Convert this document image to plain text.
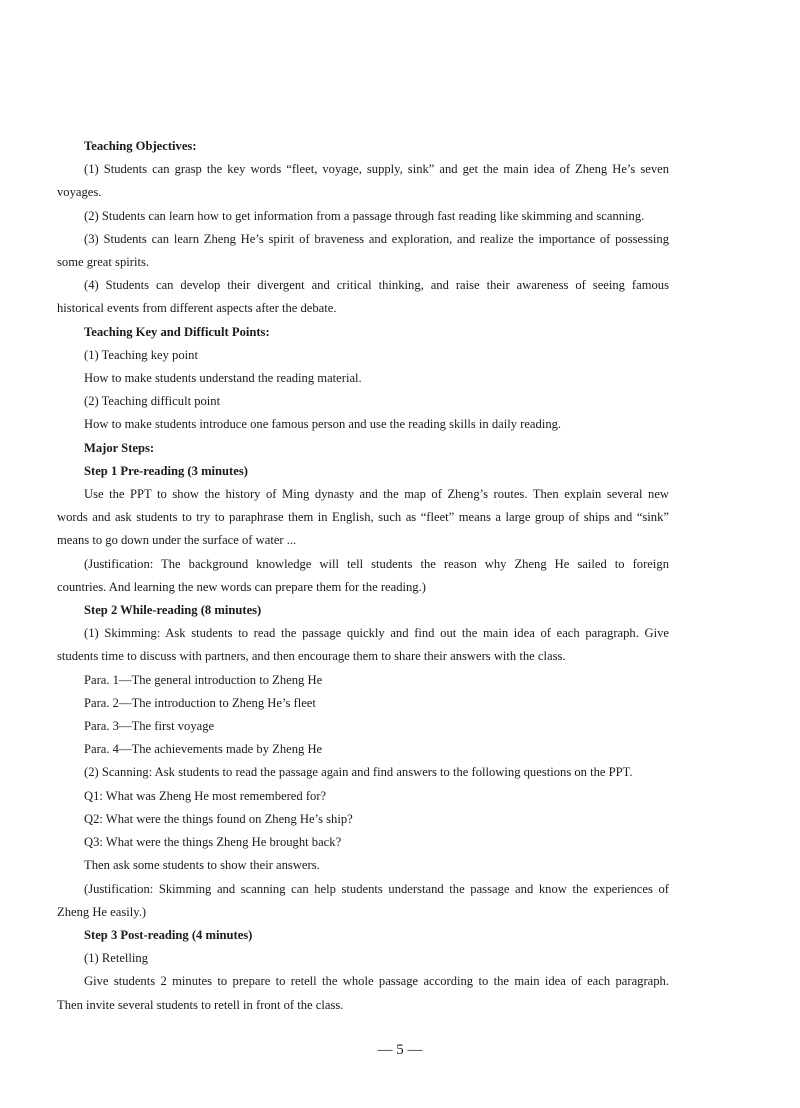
Teaching Objectives:

(1) Students can grasp the key words “fleet, voyage, supply, sink” and get the main idea of Zheng He’s seven

voyages.

(2) Students can learn how to get information from a passage through fast reading like skimming and scanning.

(3) Students can learn Zheng He’s spirit of braveness and exploration, and realize the importance of possessing

some great spirits.

(4) Students can develop their divergent and critical thinking, and raise their awareness of seeing famous

historical events from different aspects after the debate.

Teaching Key and Difficult Points:

(1) Teaching key point

How to make students understand the reading material.

(2) Teaching difficult point

How to make students introduce one famous person and use the reading skills in daily reading.

Major Steps:

Step 1 Pre-reading (3 minutes)

Use the PPT to show the history of Ming dynasty and the map of Zheng’s routes. Then explain several new

words and ask students to try to paraphrase them in English, such as “fleet” means a large group of ships and “sink”

means to go down under the surface of water ...

(Justification: The background knowledge will tell students the reason why Zheng He sailed to foreign

countries. And learning the new words can prepare them for the reading.)

Step 2 While-reading (8 minutes)

(1) Skimming: Ask students to read the passage quickly and find out the main idea of each paragraph. Give

students time to discuss with partners, and then encourage them to share their answers with the class.

Para. 1—The general introduction to Zheng He

Para. 2—The introduction to Zheng He’s fleet

Para. 3—The first voyage

Para. 4—The achievements made by Zheng He

(2) Scanning: Ask students to read the passage again and find answers to the following questions on the PPT.

Q1: What was Zheng He most remembered for?

Q2: What were the things found on Zheng He’s ship?

Q3: What were the things Zheng He brought back?

Then ask some students to show their answers.

(Justification: Skimming and scanning can help students understand the passage and know the experiences of

Zheng He easily.)

Step 3 Post-reading (4 minutes)

(1) Retelling

Give students 2 minutes to prepare to retell the whole passage according to the main idea of each paragraph.

Then invite several students to retell in front of the class.

— 5 —
